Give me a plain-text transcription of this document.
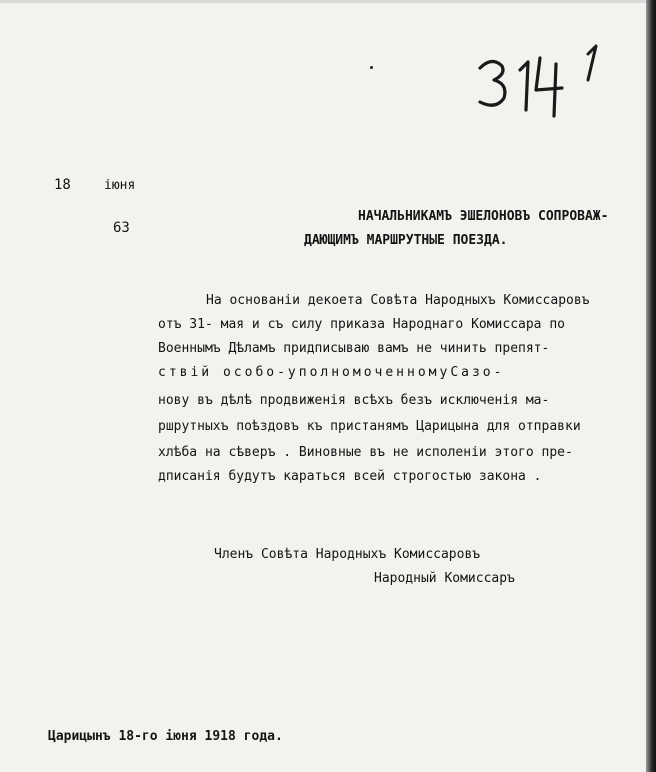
18	іюня
63
НАЧАЛЬНИКАМЪ ЭШЕЛОНОВЪ СОПРОВАЖ-
ДАЮЩИМЪ МАРШРУТНЫЕ ПОЕЗДА.
На основаніи декоета Совѣта Народныхъ Комиссаровъ
отъ 31- мая и съ силу приказа Народнаго Комиссара по
Военнымъ Дѣламъ придписываю вамъ не чинить препят-
ствій особо-уполномоченномуСазо-
нову въ дѣлѣ продвиженія всѣхъ безъ исключенія ма-
ршрутныхъ поѣздовъ къ пристанямъ Царицына для отправки
хлѣба на сѣверъ . Виновные въ не исполеніи этого пре-
дписанія будутъ караться всей строгостью закона .
Членъ Совѣта Народныхъ Комиссаровъ
Народный Комиссаръ
Царицынъ 18-го іюня 1918 года.
